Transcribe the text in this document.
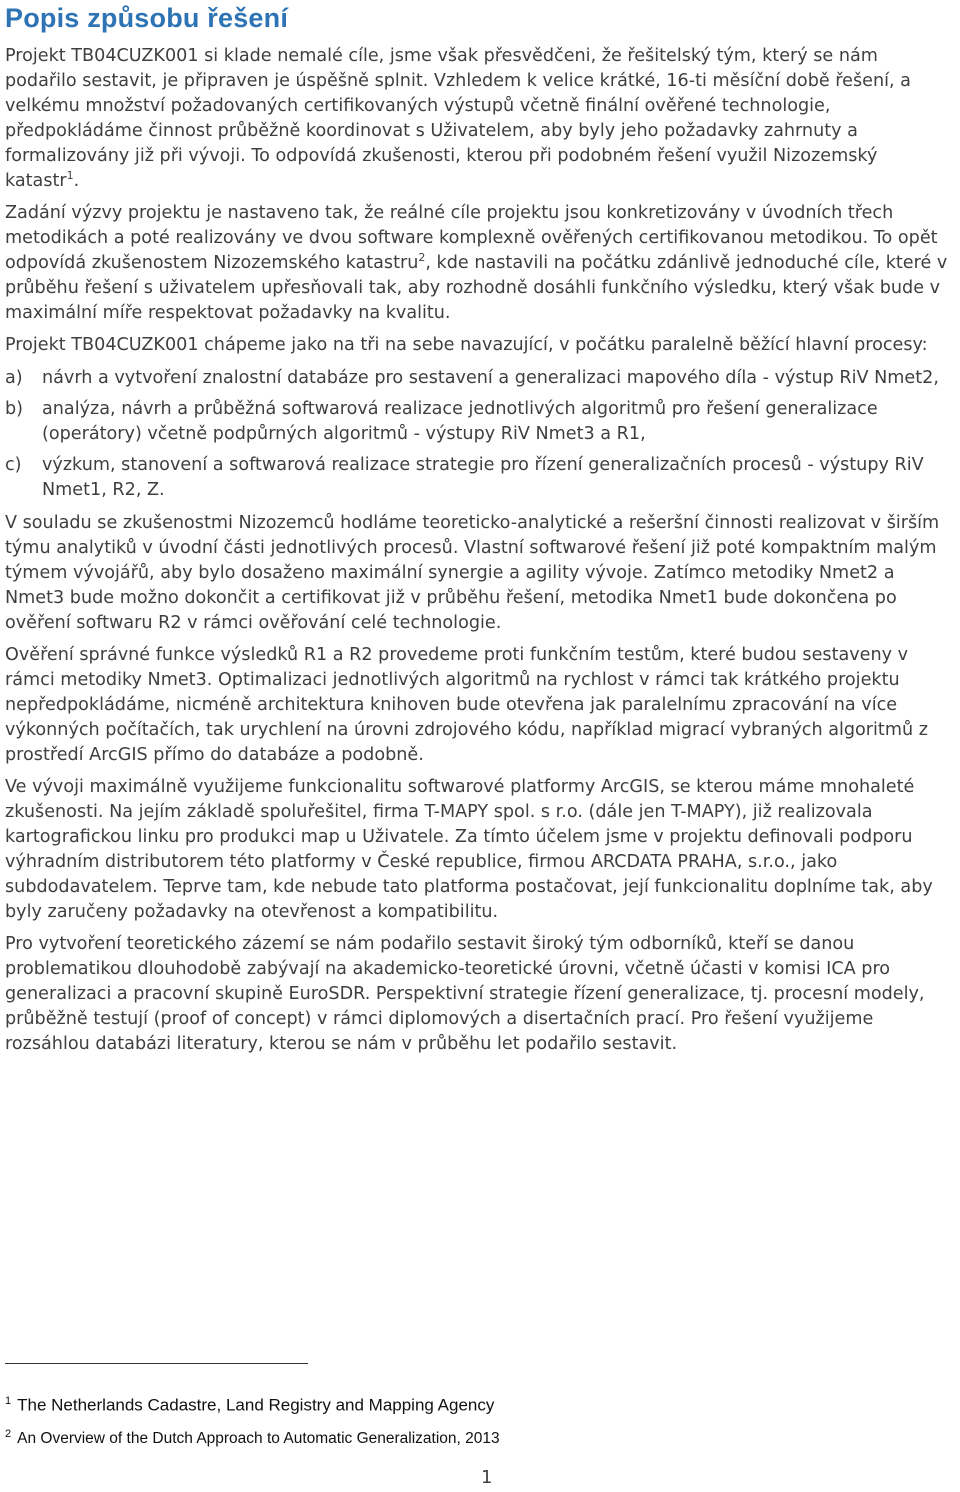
Popis způsobu řešení

Projekt TB04CUZK001 si klade nemalé cíle, jsme však přesvědčeni, že řešitelský tým, který se nám podařilo sestavit, je připraven je úspěšně splnit. Vzhledem k velice krátké, 16-ti měsíční době řešení, a velkému množství požadovaných certifikovaných výstupů včetně finální ověřené technologie, předpokládáme činnost průběžně koordinovat s Uživatelem, aby byly jeho požadavky zahrnuty a formalizovány již při vývoji. To odpovídá zkušenosti, kterou při podobném řešení využil Nizozemský katastr$^1$.

Zadání výzvy projektu je nastaveno tak, že reálné cíle projektu jsou konkretizovány v úvodních třech metodikách a poté realizovány ve dvou software komplexně ověřených certifikovanou metodikou. To opět odpovídá zkušenostem Nizozemského katastru$^2$, kde nastavili na počátku zdánlivě jednoduché cíle, které v průběhu řešení s uživatelem upřesňovali tak, aby rozhodně dosáhli funkčního výsledku, který však bude v maximální míře respektovat požadavky na kvalitu.

Projekt TB04CUZK001 chápeme jako na tři na sebe navazující, v počátku paralelně běžící hlavní procesy:

a)	návrh a vytvoření znalostní databáze pro sestavení a generalizaci mapového díla - výstup RiV Nmet2,
b)	analýza, návrh a průběžná softwarová realizace jednotlivých algoritmů pro řešení generalizace (operátory) včetně podpůrných algoritmů - výstupy RiV Nmet3 a R1,
c)	výzkum, stanovení a softwarová realizace strategie pro řízení generalizačních procesů - výstupy RiV Nmet1, R2, Z.

V souladu se zkušenostmi Nizozemců hodláme teoreticko-analytické a rešeršní činnosti realizovat v širším týmu analytiků v úvodní části jednotlivých procesů. Vlastní softwarové řešení již poté kompaktním malým týmem vývojářů, aby bylo dosaženo maximální synergie a agility vývoje. Zatímco metodiky Nmet2 a Nmet3 bude možno dokončit a certifikovat již v průběhu řešení, metodika Nmet1 bude dokončena po ověření softwaru R2 v rámci ověřování celé technologie.

Ověření správné funkce výsledků R1 a R2 provedeme proti funkčním testům, které budou sestaveny v rámci metodiky Nmet3. Optimalizaci jednotlivých algoritmů na rychlost v rámci tak krátkého projektu nepředpokládáme, nicméně architektura knihoven bude otevřena jak paralelnímu zpracování na více výkonných počítačích, tak urychlení na úrovni zdrojového kódu, například migrací vybraných algoritmů z prostředí ArcGIS přímo do databáze a podobně.

Ve vývoji maximálně využijeme funkcionalitu softwarové platformy ArcGIS, se kterou máme mnohaleté zkušenosti. Na jejím základě spoluřešitel, firma T-MAPY spol. s r.o. (dále jen T-MAPY), již realizovala kartografickou linku pro produkci map u Uživatele. Za tímto účelem jsme v projektu definovali podporu výhradním distributorem této platformy v České republice, firmou ARCDATA PRAHA, s.r.o., jako subdodavatelem. Teprve tam, kde nebude tato platforma postačovat, její funkcionalitu doplníme tak, aby byly zaručeny požadavky na otevřenost a kompatibilitu.

Pro vytvoření teoretického zázemí se nám podařilo sestavit široký tým odborníků, kteří se danou problematikou dlouhodobě zabývají na akademicko-teoretické úrovni, včetně účasti v komisi ICA pro generalizaci a pracovní skupině EuroSDR. Perspektivní strategie řízení generalizace, tj. procesní modely, průběžně testují (proof of concept) v rámci diplomových a disertačních prací. Pro řešení využijeme rozsáhlou databázi literatury, kterou se nám v průběhu let podařilo sestavit.

$^1$ The Netherlands Cadastre, Land Registry and Mapping Agency
$^2$ An Overview of the Dutch Approach to Automatic Generalization, 2013
1
